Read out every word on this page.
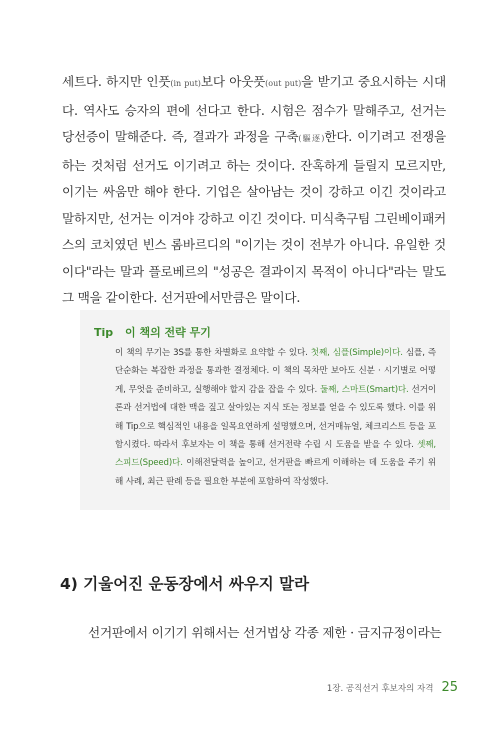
세트다. 하지만 인풋(in put)보다 아웃풋(out put)을 받기고 중요시하는 시대다. 역사도 승자의 편에 선다고 한다. 시험은 점수가 말해주고, 선거는 당선증이 말해준다. 즉, 결과가 과정을 구축(驅逐)한다. 이기려고 전쟁을 하는 것처럼 선거도 이기려고 하는 것이다. 잔혹하게 들릴지 모르지만, 이기는 싸움만 해야 한다. 기업은 살아남는 것이 강하고 이긴 것이라고 말하지만, 선거는 이겨야 강하고 이긴 것이다. 미식축구팀 그린베이패커스의 코치였던 빈스 롬바르디의 "이기는 것이 전부가 아니다. 유일한 것이다"라는 말과 플로베르의 "성공은 결과이지 목적이 아니다"라는 말도 그 맥을 같이한다. 선거판에서만큼은 말이다.
Tip 이 책의 전략 무기
이 책의 무기는 3S를 통한 차별화로 요약할 수 있다. 첫째, 심플(Simple)이다. 심플, 즉 단순화는 복잡한 과정을 통과한 결정체다. 이 책의 목차만 보아도 신분 · 시기별로 어떻게, 무엇을 준비하고, 실행해야 할지 감을 잡을 수 있다. 둘째, 스마트(Smart)다. 선거이론과 선거법에 대한 맥을 짚고 살아있는 지식 또는 정보를 얻을 수 있도록 했다. 이를 위해 Tip으로 핵심적인 내용을 일목요연하게 설명했으며, 선거매뉴얼, 체크리스트 등을 포함시켰다. 따라서 후보자는 이 책을 통해 선거전략 수립 시 도움을 받을 수 있다. 셋째, 스피드(Speed)다. 이해전달력을 높이고, 선거판을 빠르게 이해하는 데 도움을 주기 위해 사례, 최근 판례 등을 필요한 부분에 포함하여 작성했다.
4) 기울어진 운동장에서 싸우지 말라
선거판에서 이기기 위해서는 선거법상 각종 제한 · 금지규정이라는
1장. 공직선거 후보자의 자격 25
